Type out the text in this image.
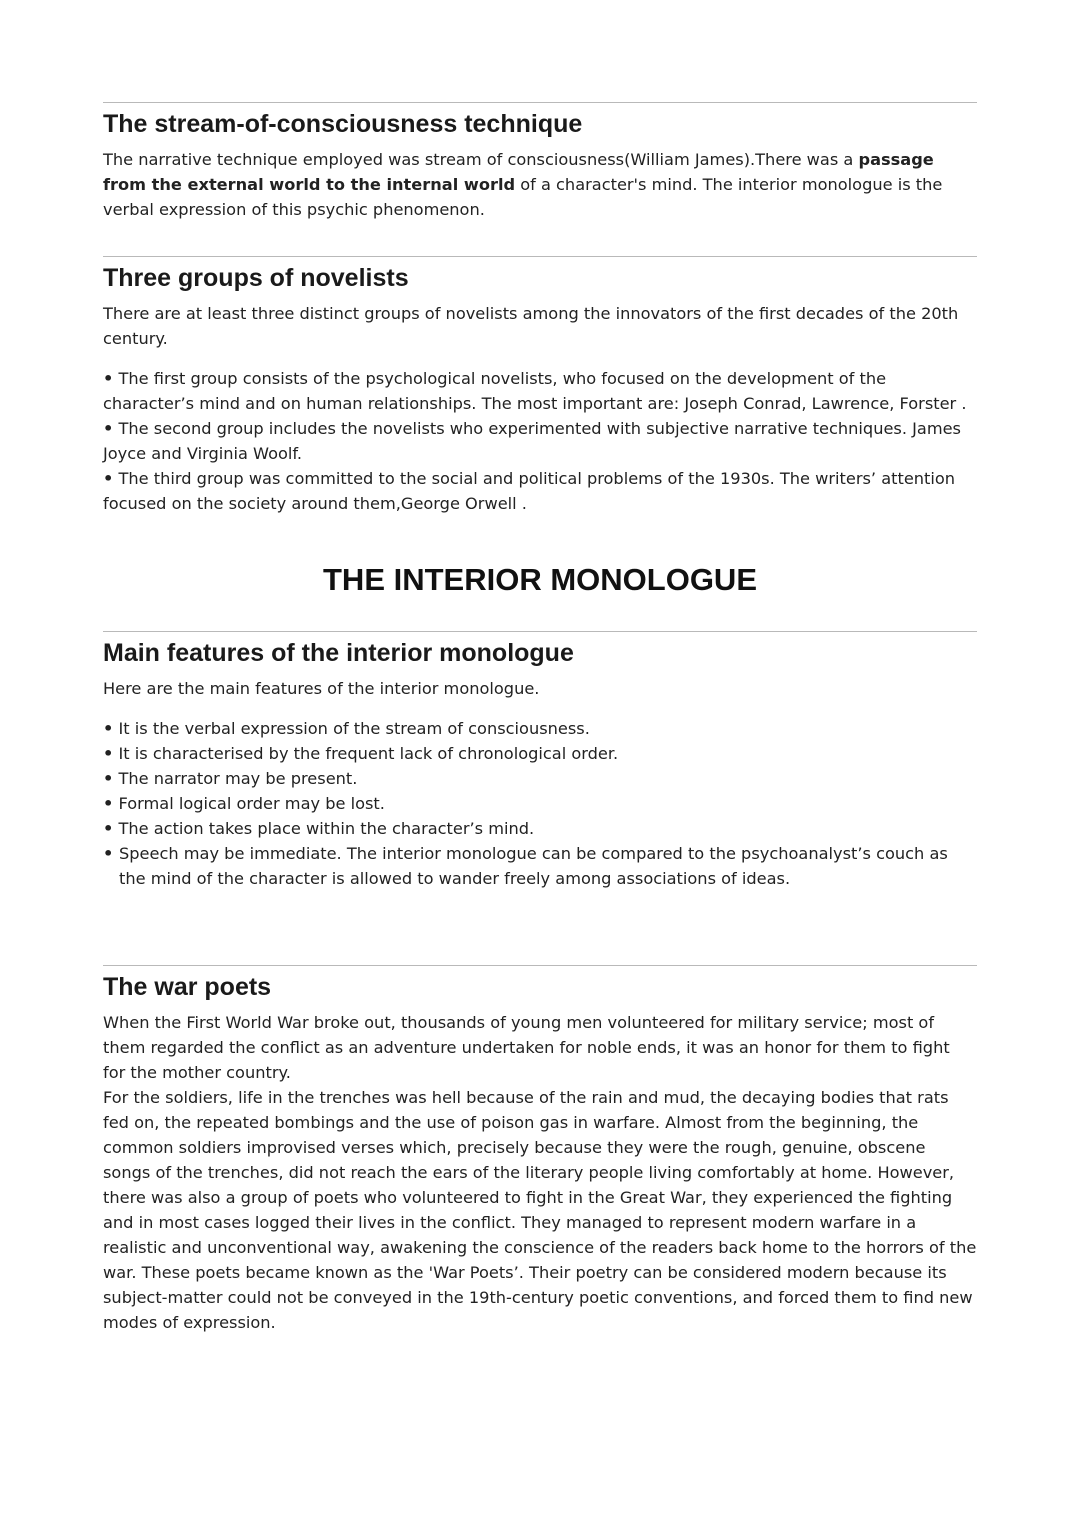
The stream-of-consciousness technique

The narrative technique employed was stream of consciousness(William James).There was a passage from the external world to the internal world of a character's mind. The interior monologue is the verbal expression of this psychic phenomenon.

Three groups of novelists

There are at least three distinct groups of novelists among the innovators of the first decades of the 20th century.

• The first group consists of the psychological novelists, who focused on the development of the character’s mind and on human relationships. The most important are: Joseph Conrad, Lawrence, Forster .
• The second group includes the novelists who experimented with subjective narrative techniques. James Joyce and Virginia Woolf.
• The third group was committed to the social and political problems of the 1930s. The writers’ attention focused on the society around them,George Orwell .
THE INTERIOR MONOLOGUE
Main features of the interior monologue

Here are the main features of the interior monologue.

• It is the verbal expression of the stream of consciousness.
• It is characterised by the frequent lack of chronological order.
• The narrator may be present.
• Formal logical order may be lost.
• The action takes place within the character’s mind.
• Speech may be immediate. The interior monologue can be compared to the psychoanalyst’s couch as the mind of the character is allowed to wander freely among associations of ideas.
The war poets

When the First World War broke out, thousands of young men volunteered for military service; most of them regarded the conflict as an adventure undertaken for noble ends, it was an honor for them to fight for the mother country.

For the soldiers, life in the trenches was hell because of the rain and mud, the decaying bodies that rats fed on, the repeated bombings and the use of poison gas in warfare. Almost from the beginning, the common soldiers improvised verses which, precisely because they were the rough, genuine, obscene songs of the trenches, did not reach the ears of the literary people living comfortably at home. However, there was also a group of poets who volunteered to fight in the Great War, they experienced the fighting and in most cases logged their lives in the conflict. They managed to represent modern warfare in a realistic and unconventional way, awakening the conscience of the readers back home to the horrors of the war. These poets became known as the 'War Poets’. Their poetry can be considered modern because its subject-matter could not be conveyed in the 19th-century poetic conventions, and forced them to find new modes of expression.
